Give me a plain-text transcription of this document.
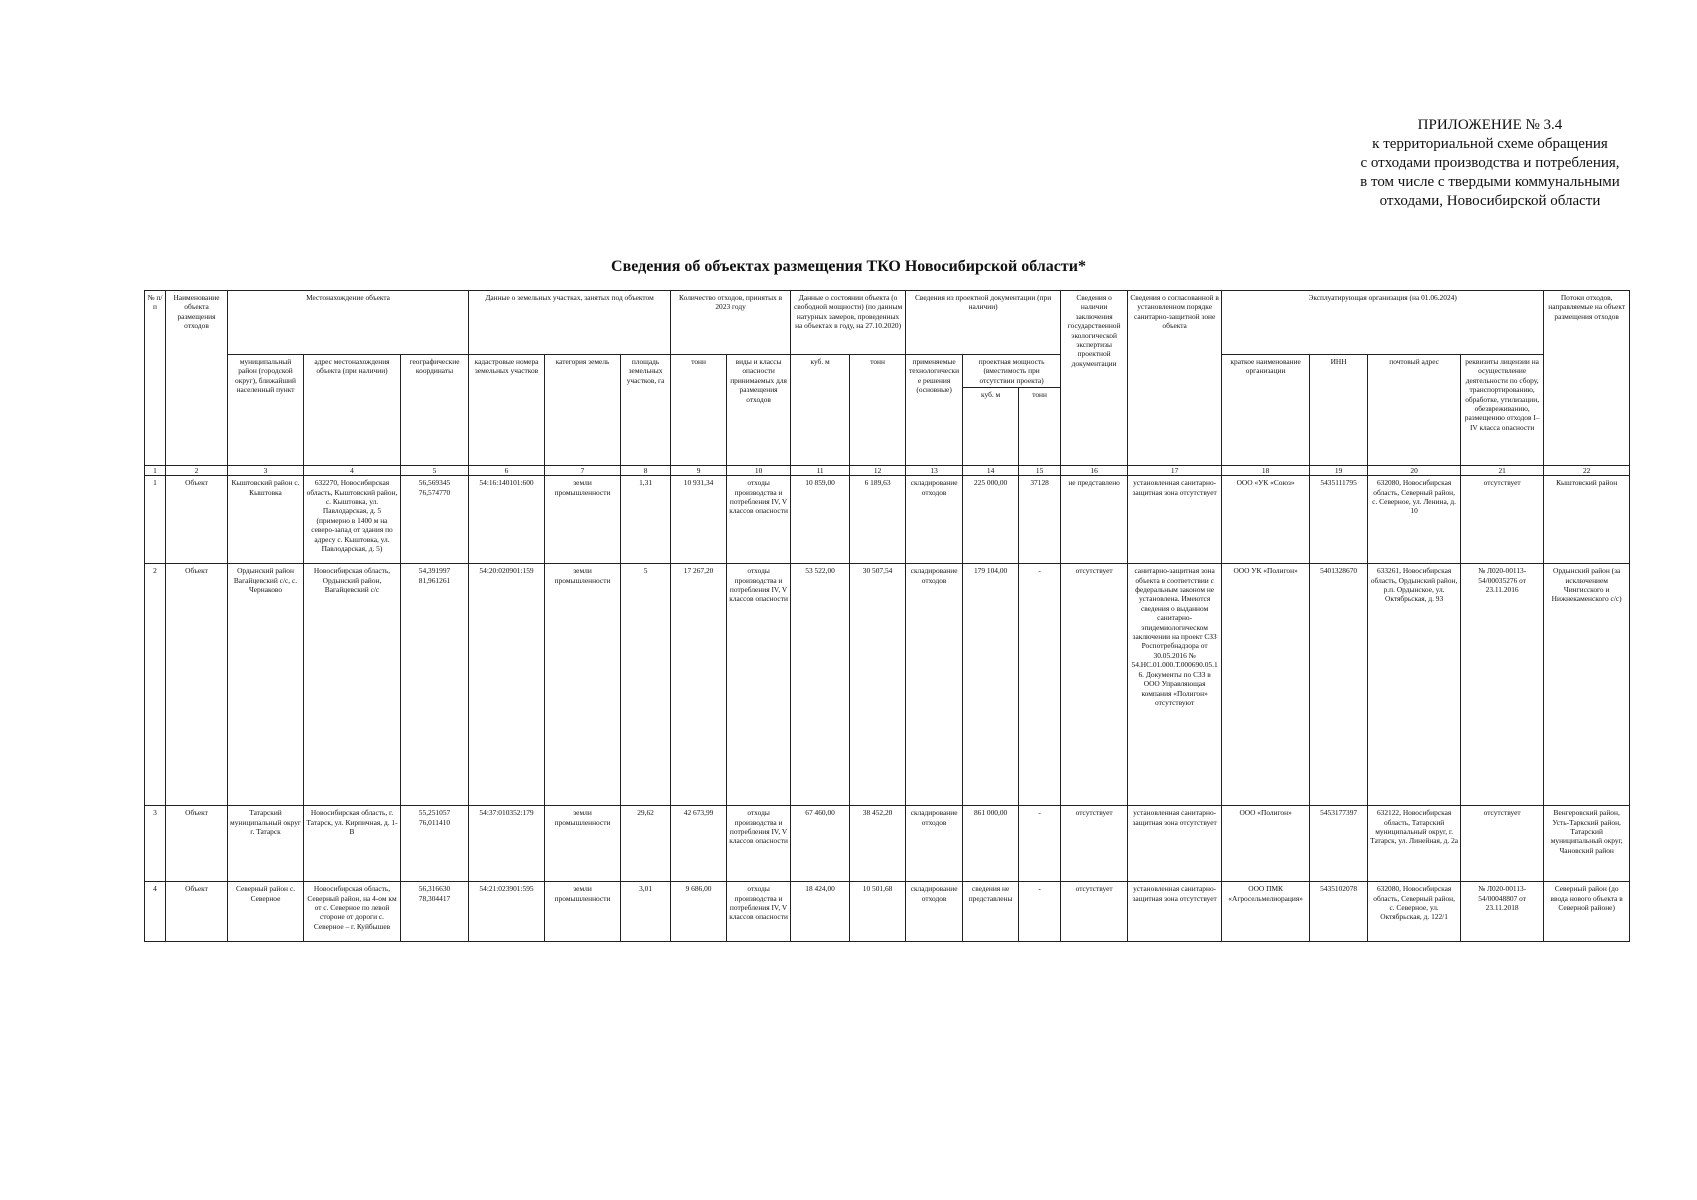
ПРИЛОЖЕНИЕ № 3.4
к территориальной схеме обращения
с отходами производства и потребления,
в том числе с твердыми коммунальными
отходами, Новосибирской области
Сведения об объектах размещения ТКО Новосибирской области*
№ п/п	Наименование объекта размещения отходов	Местонахождение объекта			Данные о земельных участках, занятых под объектом			Количество отходов, принятых в 2023 году		Данные о состоянии объекта (о свободной мощности) (по данным натурных замеров, проведенных на объектах в году, на 27.10.2020)		Сведения из проектной документации (при наличии)			Сведения о наличии заключения государственной экологической экспертизы проектной документации	Сведения о согласованной в установленном порядке санитарно-защитной зоне объекта	Эксплуатирующая организация (на 01.06.2024)				Потоки отходов, направляемые на объект размещения отходов
		муниципальный район (городской округ), ближайший населенный пункт	адрес местонахождения объекта (при наличии)	географические координаты	кадастровые номера земельных участков	категория земель	площадь земельных участков, га	тонн	виды и классы опасности принимаемых для размещения отходов	куб. м	тонн	применяемые технологические решения (основные)	проектная мощность (вместимость при отсутствии проекта)				краткое наименование организации	ИНН	почтовый адрес	реквизиты лицензии на осуществление деятельности по сбору, транспортированию, обработке, утилизации, обезвреживанию, размещению отходов I–IV класса опасности	
													куб. м	тонн							
1	2	3	4	5	6	7	8	9	10	11	12	13	14	15	16	17	18	19	20	21	22
1	Объект	Кыштовский район с. Кыштовка	632270, Новосибирская область, Кыштовский район, с. Кыштовка, ул. Павлодарская, д. 5 (примерно в 1400 м на северо-запад от здания по адресу с. Кыштовка, ул. Павлодарская, д. 5)	56,569345 76,574770	54:16:140101:600	земли промышленности	1,31	10 931,34	отходы производства и потребления IV, V классов опасности	10 859,00	6 189,63	складирование отходов	225 000,00	37128	не представлено	установленная санитарно-защитная зона отсутствует	ООО «УК «Союз»	5435111795	632080, Новосибирская область, Северный район, с. Северное, ул. Ленина, д. 10	отсутствует	Кыштовский район
2	Объект	Ордынский район Вагайцевский с/с, с. Чернаково	Новосибирская область, Ордынский район, Вагайцевский с/с	54,391997 81,961261	54:20:020901:159	земли промышленности	5	17 267,20	отходы производства и потребления IV, V классов опасности	53 522,00	30 507,54	складирование отходов	179 104,00	-	отсутствует	санитарно-защитная зона объекта в соответствии с федеральным законом не установлена. Имеются сведения о выданном санитарно-эпидемиологическом заключении на проект СЗЗ Роспотребнадзора от 30.05.2016 № 54.НС.01.000.Т.000690.05.16. Документы по СЗЗ в ООО Управляющая компания «Полигон» отсутствуют	ООО УК «Полигон»	5401328670	633261, Новосибирская область, Ордынский район, р.п. Ордынское, ул. Октябрьская, д. 93	№ Л020-00113-54/00035276 от 23.11.2016	Ордынский район (за исключением Чингисского и Нижнекаменского с/с)
3	Объект	Татарский муниципальный округ г. Татарск	Новосибирская область, г. Татарск, ул. Кирпичная, д. 1-В	55,251057 76,011410	54:37:010352:179	земли промышленности	29,62	42 673,99	отходы производства и потребления IV, V классов опасности	67 460,00	38 452,20	складирование отходов	861 000,00	-	отсутствует	установленная санитарно-защитная зона отсутствует	ООО «Полигон»	5453177397	632122, Новосибирская область, Татарский муниципальный округ, г. Татарск, ул. Линейная, д. 2а	отсутствует	Венгеровский район, Усть-Таркский район, Татарский муниципальный округ, Чановский район
4	Объект	Северный район с. Северное	Новосибирская область, Северный район, на 4-ом км от с. Северное по левой стороне от дороги с. Северное – г. Куйбышев	56,316630 78,304417	54:21:023901:595	земли промышленности	3,01	9 686,00	отходы производства и потребления IV, V классов опасности	18 424,00	10 501,68	складирование отходов	сведения не представлены	-	отсутствует	установленная санитарно-защитная зона отсутствует	ООО ПМК «Агросельмелиорация»	5435102078	632080, Новосибирская область, Северный район, с. Северное, ул. Октябрьская, д. 122/1	№ Л020-00113-54/00048807 от 23.11.2018	Северный район (до ввода нового объекта в Северной районе)
